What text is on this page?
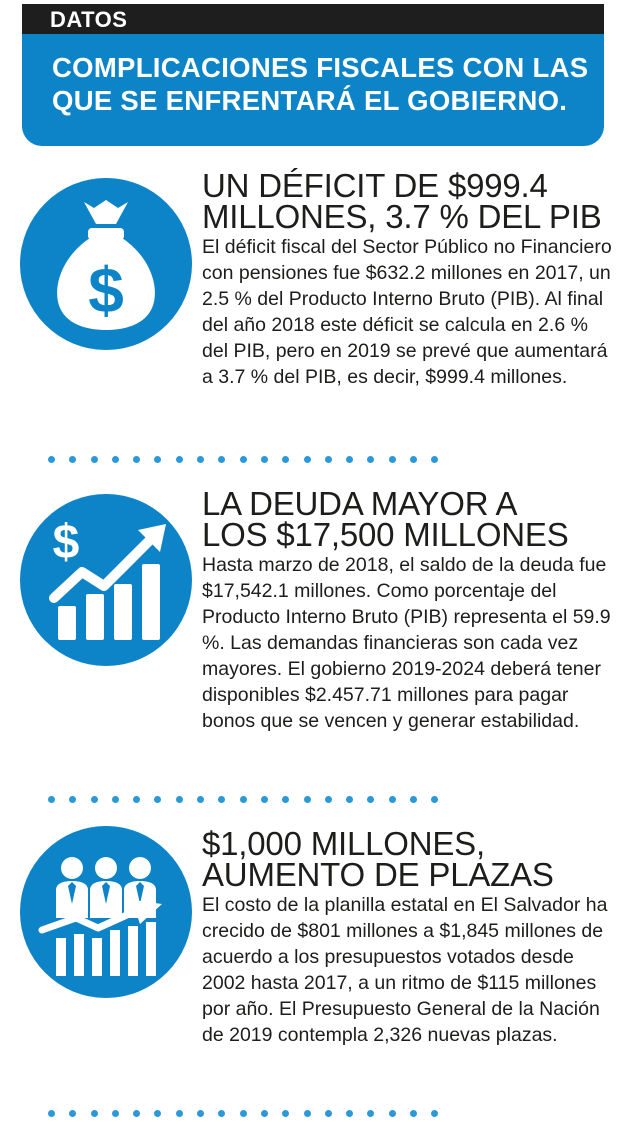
DATOS
COMPLICACIONES FISCALES CON LAS QUE SE ENFRENTARÁ EL GOBIERNO.
$
UN DÉFICIT DE $999.4
MILLONES, 3.7 % DEL PIB
El déficit fiscal del Sector Público no Financiero con pensiones fue $632.2 millones en 2017, un 2.5 % del Producto Interno Bruto (PIB). Al final del año 2018 este déficit se calcula en 2.6 % del PIB, pero en 2019 se prevé que aumentará a 3.7 % del PIB, es decir, $999.4 millones.
$
LA DEUDA MAYOR A
LOS $17,500 MILLONES
Hasta marzo de 2018, el saldo de la deuda fue $17,542.1 millones. Como porcentaje del Producto Interno Bruto (PIB) representa el 59.9 %. Las demandas financieras son cada vez mayores. El gobierno 2019-2024 deberá tener disponibles $2.457.71 millones para pagar bonos que se vencen y generar estabilidad.
$1,000 MILLONES,
AUMENTO DE PLAZAS
El costo de la planilla estatal en El Salvador ha crecido de $801 millones a $1,845 millones de acuerdo a los presupuestos votados desde 2002 hasta 2017, a un ritmo de $115 millones por año. El Presupuesto General de la Nación de 2019 contempla 2,326 nuevas plazas.
